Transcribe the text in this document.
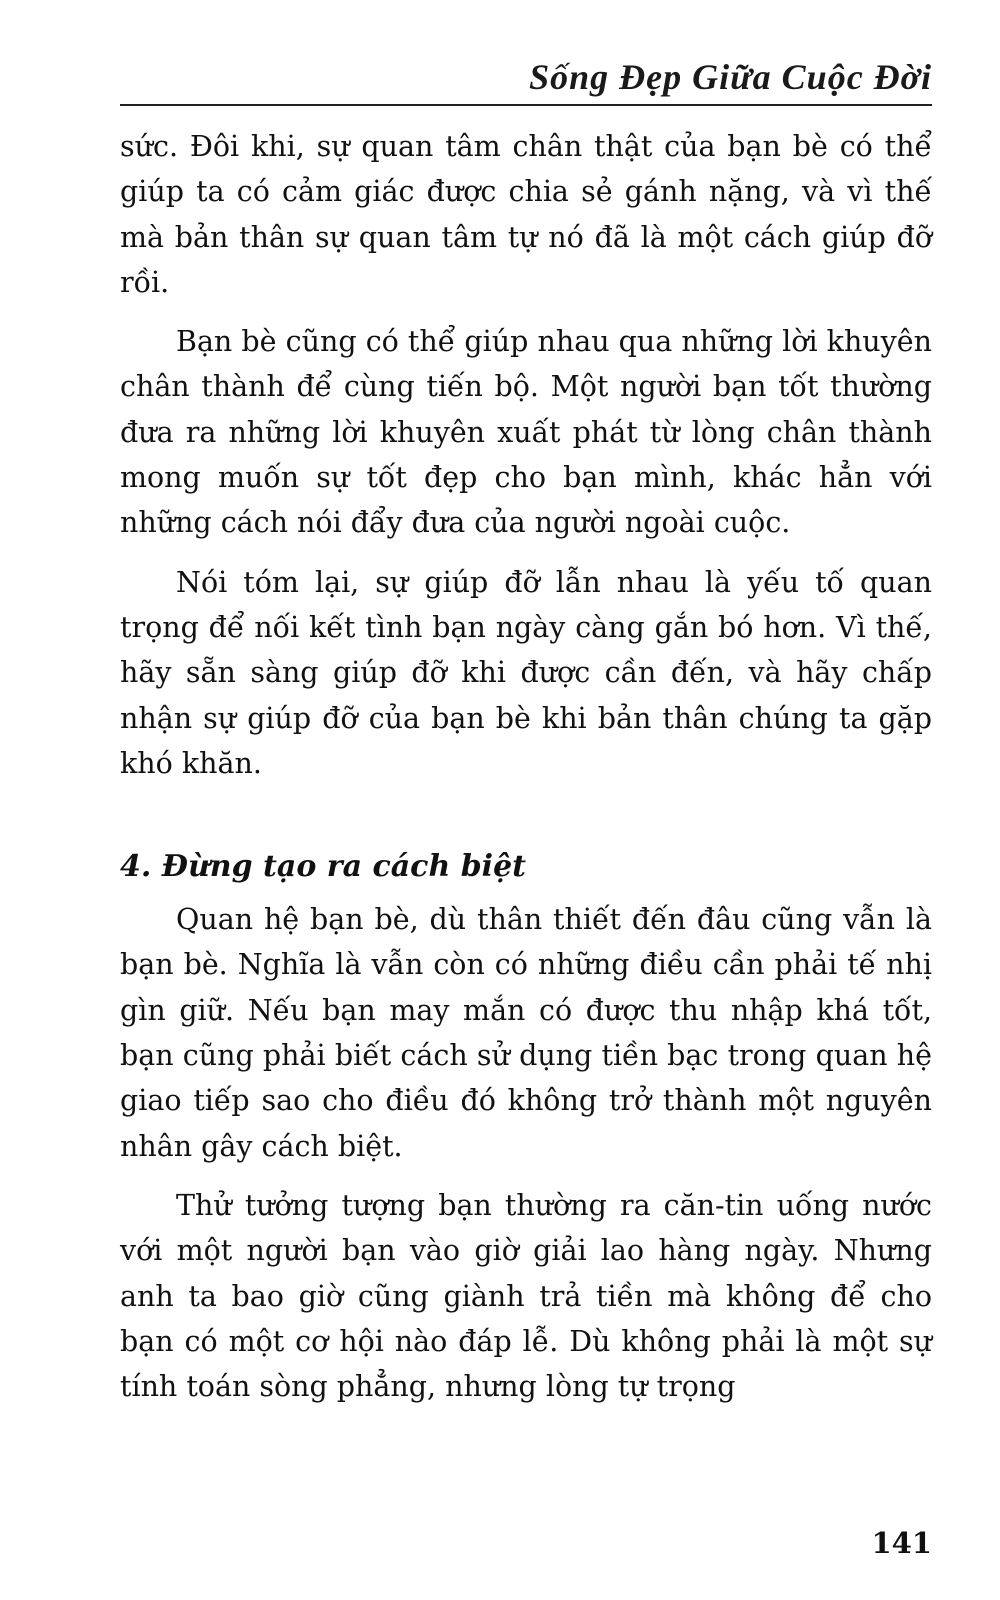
Sống Đẹp Giữa Cuộc Đời

sức. Đôi khi, sự quan tâm chân thật của bạn bè có thể giúp ta có cảm giác được chia sẻ gánh nặng, và vì thế mà bản thân sự quan tâm tự nó đã là một cách giúp đỡ rồi.

Bạn bè cũng có thể giúp nhau qua những lời khuyên chân thành để cùng tiến bộ. Một người bạn tốt thường đưa ra những lời khuyên xuất phát từ lòng chân thành mong muốn sự tốt đẹp cho bạn mình, khác hẳn với những cách nói đẩy đưa của người ngoài cuộc.

Nói tóm lại, sự giúp đỡ lẫn nhau là yếu tố quan trọng để nối kết tình bạn ngày càng gắn bó hơn. Vì thế, hãy sẵn sàng giúp đỡ khi được cần đến, và hãy chấp nhận sự giúp đỡ của bạn bè khi bản thân chúng ta gặp khó khăn.

4. Đừng tạo ra cách biệt

Quan hệ bạn bè, dù thân thiết đến đâu cũng vẫn là bạn bè. Nghĩa là vẫn còn có những điều cần phải tế nhị gìn giữ. Nếu bạn may mắn có được thu nhập khá tốt, bạn cũng phải biết cách sử dụng tiền bạc trong quan hệ giao tiếp sao cho điều đó không trở thành một nguyên nhân gây cách biệt.

Thử tưởng tượng bạn thường ra căn-tin uống nước với một người bạn vào giờ giải lao hàng ngày. Nhưng anh ta bao giờ cũng giành trả tiền mà không để cho bạn có một cơ hội nào đáp lễ. Dù không phải là một sự tính toán sòng phẳng, nhưng lòng tự trọng

141
